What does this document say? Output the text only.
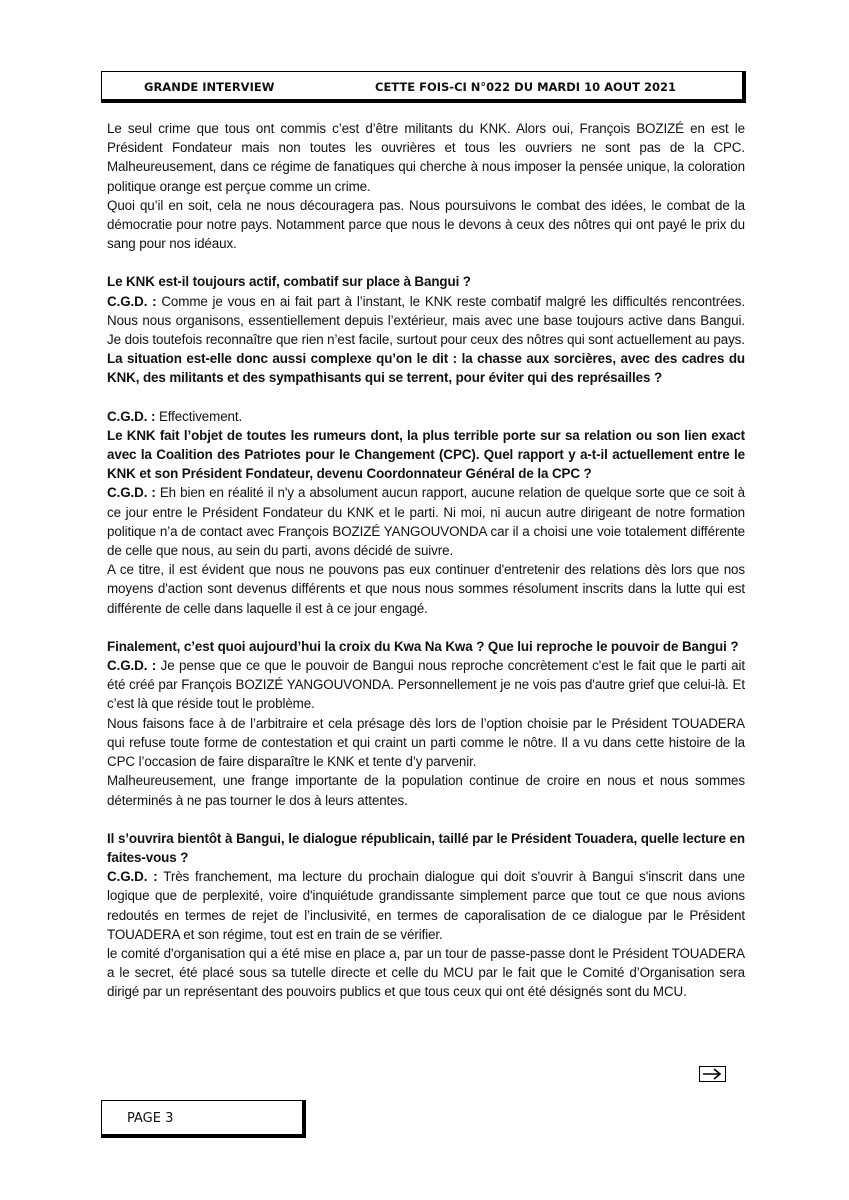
GRANDE INTERVIEW	CETTE FOIS-CI N°022 DU MARDI 10 AOUT 2021

Le seul crime que tous ont commis c’est d’être militants du KNK. Alors oui, François BOZIZÉ en est le Président Fondateur mais non toutes les ouvrières et tous les ouvriers ne sont pas de la CPC. Malheureusement, dans ce régime de fanatiques qui cherche à nous imposer la pensée unique, la coloration politique orange est perçue comme un crime.

Quoi qu’il en soit, cela ne nous découragera pas. Nous poursuivons le combat des idées, le combat de la démocratie pour notre pays. Notamment parce que nous le devons à ceux des nôtres qui ont payé le prix du sang pour nos idéaux.

Le KNK est-il toujours actif, combatif sur place à Bangui ?

C.G.D. : Comme je vous en ai fait part à l’instant, le KNK reste combatif malgré les difficultés rencontrées. Nous nous organisons, essentiellement depuis l’extérieur, mais avec une base toujours active dans Bangui. Je dois toutefois reconnaître que rien n’est facile, surtout pour ceux des nôtres qui sont actuellement au pays.

La situation est-elle donc aussi complexe qu’on le dit : la chasse aux sorcières, avec des cadres du KNK, des militants et des sympathisants qui se terrent, pour éviter qui des représailles ?

C.G.D. : Effectivement.

Le KNK fait l’objet de toutes les rumeurs dont, la plus terrible porte sur sa relation ou son lien exact avec la Coalition des Patriotes pour le Changement (CPC). Quel rapport y a-t-il actuellement entre le KNK et son Président Fondateur, devenu Coordonnateur Général de la CPC ?

C.G.D. : Eh bien en réalité il n'y a absolument aucun rapport, aucune relation de quelque sorte que ce soit à ce jour entre le Président Fondateur du KNK et le parti. Ni moi, ni aucun autre dirigeant de notre formation politique n’a de contact avec François BOZIZÉ YANGOUVONDA car il a choisi une voie totalement différente de celle que nous, au sein du parti, avons décidé de suivre.

A ce titre, il est évident que nous ne pouvons pas eux continuer d'entretenir des relations dès lors que nos moyens d'action sont devenus différents et que nous nous sommes résolument inscrits dans la lutte qui est différente de celle dans laquelle il est à ce jour engagé.

Finalement, c’est quoi aujourd’hui la croix du Kwa Na Kwa ? Que lui reproche le pouvoir de Bangui ?

C.G.D. : Je pense que ce que le pouvoir de Bangui nous reproche concrètement c'est le fait que le parti ait été créé par François BOZIZÉ YANGOUVONDA. Personnellement je ne vois pas d'autre grief que celui-là. Et c’est là que réside tout le problème.

Nous faisons face à de l’arbitraire et cela présage dès lors de l’option choisie par le Président TOUADERA qui refuse toute forme de contestation et qui craint un parti comme le nôtre. Il a vu dans cette histoire de la CPC l’occasion de faire disparaître le KNK et tente d’y parvenir.

Malheureusement, une frange importante de la population continue de croire en nous et nous sommes déterminés à ne pas tourner le dos à leurs attentes.

Il s’ouvrira bientôt à Bangui, le dialogue républicain, taillé par le Président Touadera, quelle lecture en faites-vous ?

C.G.D. : Très franchement, ma lecture du prochain dialogue qui doit s'ouvrir à Bangui s'inscrit dans une logique que de perplexité, voire d'inquiétude grandissante simplement parce que tout ce que nous avions redoutés en termes de rejet de l’inclusivité, en termes de caporalisation de ce dialogue par le Président TOUADERA et son régime, tout est en train de se vérifier.

le comité d'organisation qui a été mise en place a, par un tour de passe-passe dont le Président TOUADERA a le secret, été placé sous sa tutelle directe et celle du MCU par le fait que le Comité d’Organisation sera dirigé par un représentant des pouvoirs publics et que tous ceux qui ont été désignés sont du MCU.

PAGE 3
